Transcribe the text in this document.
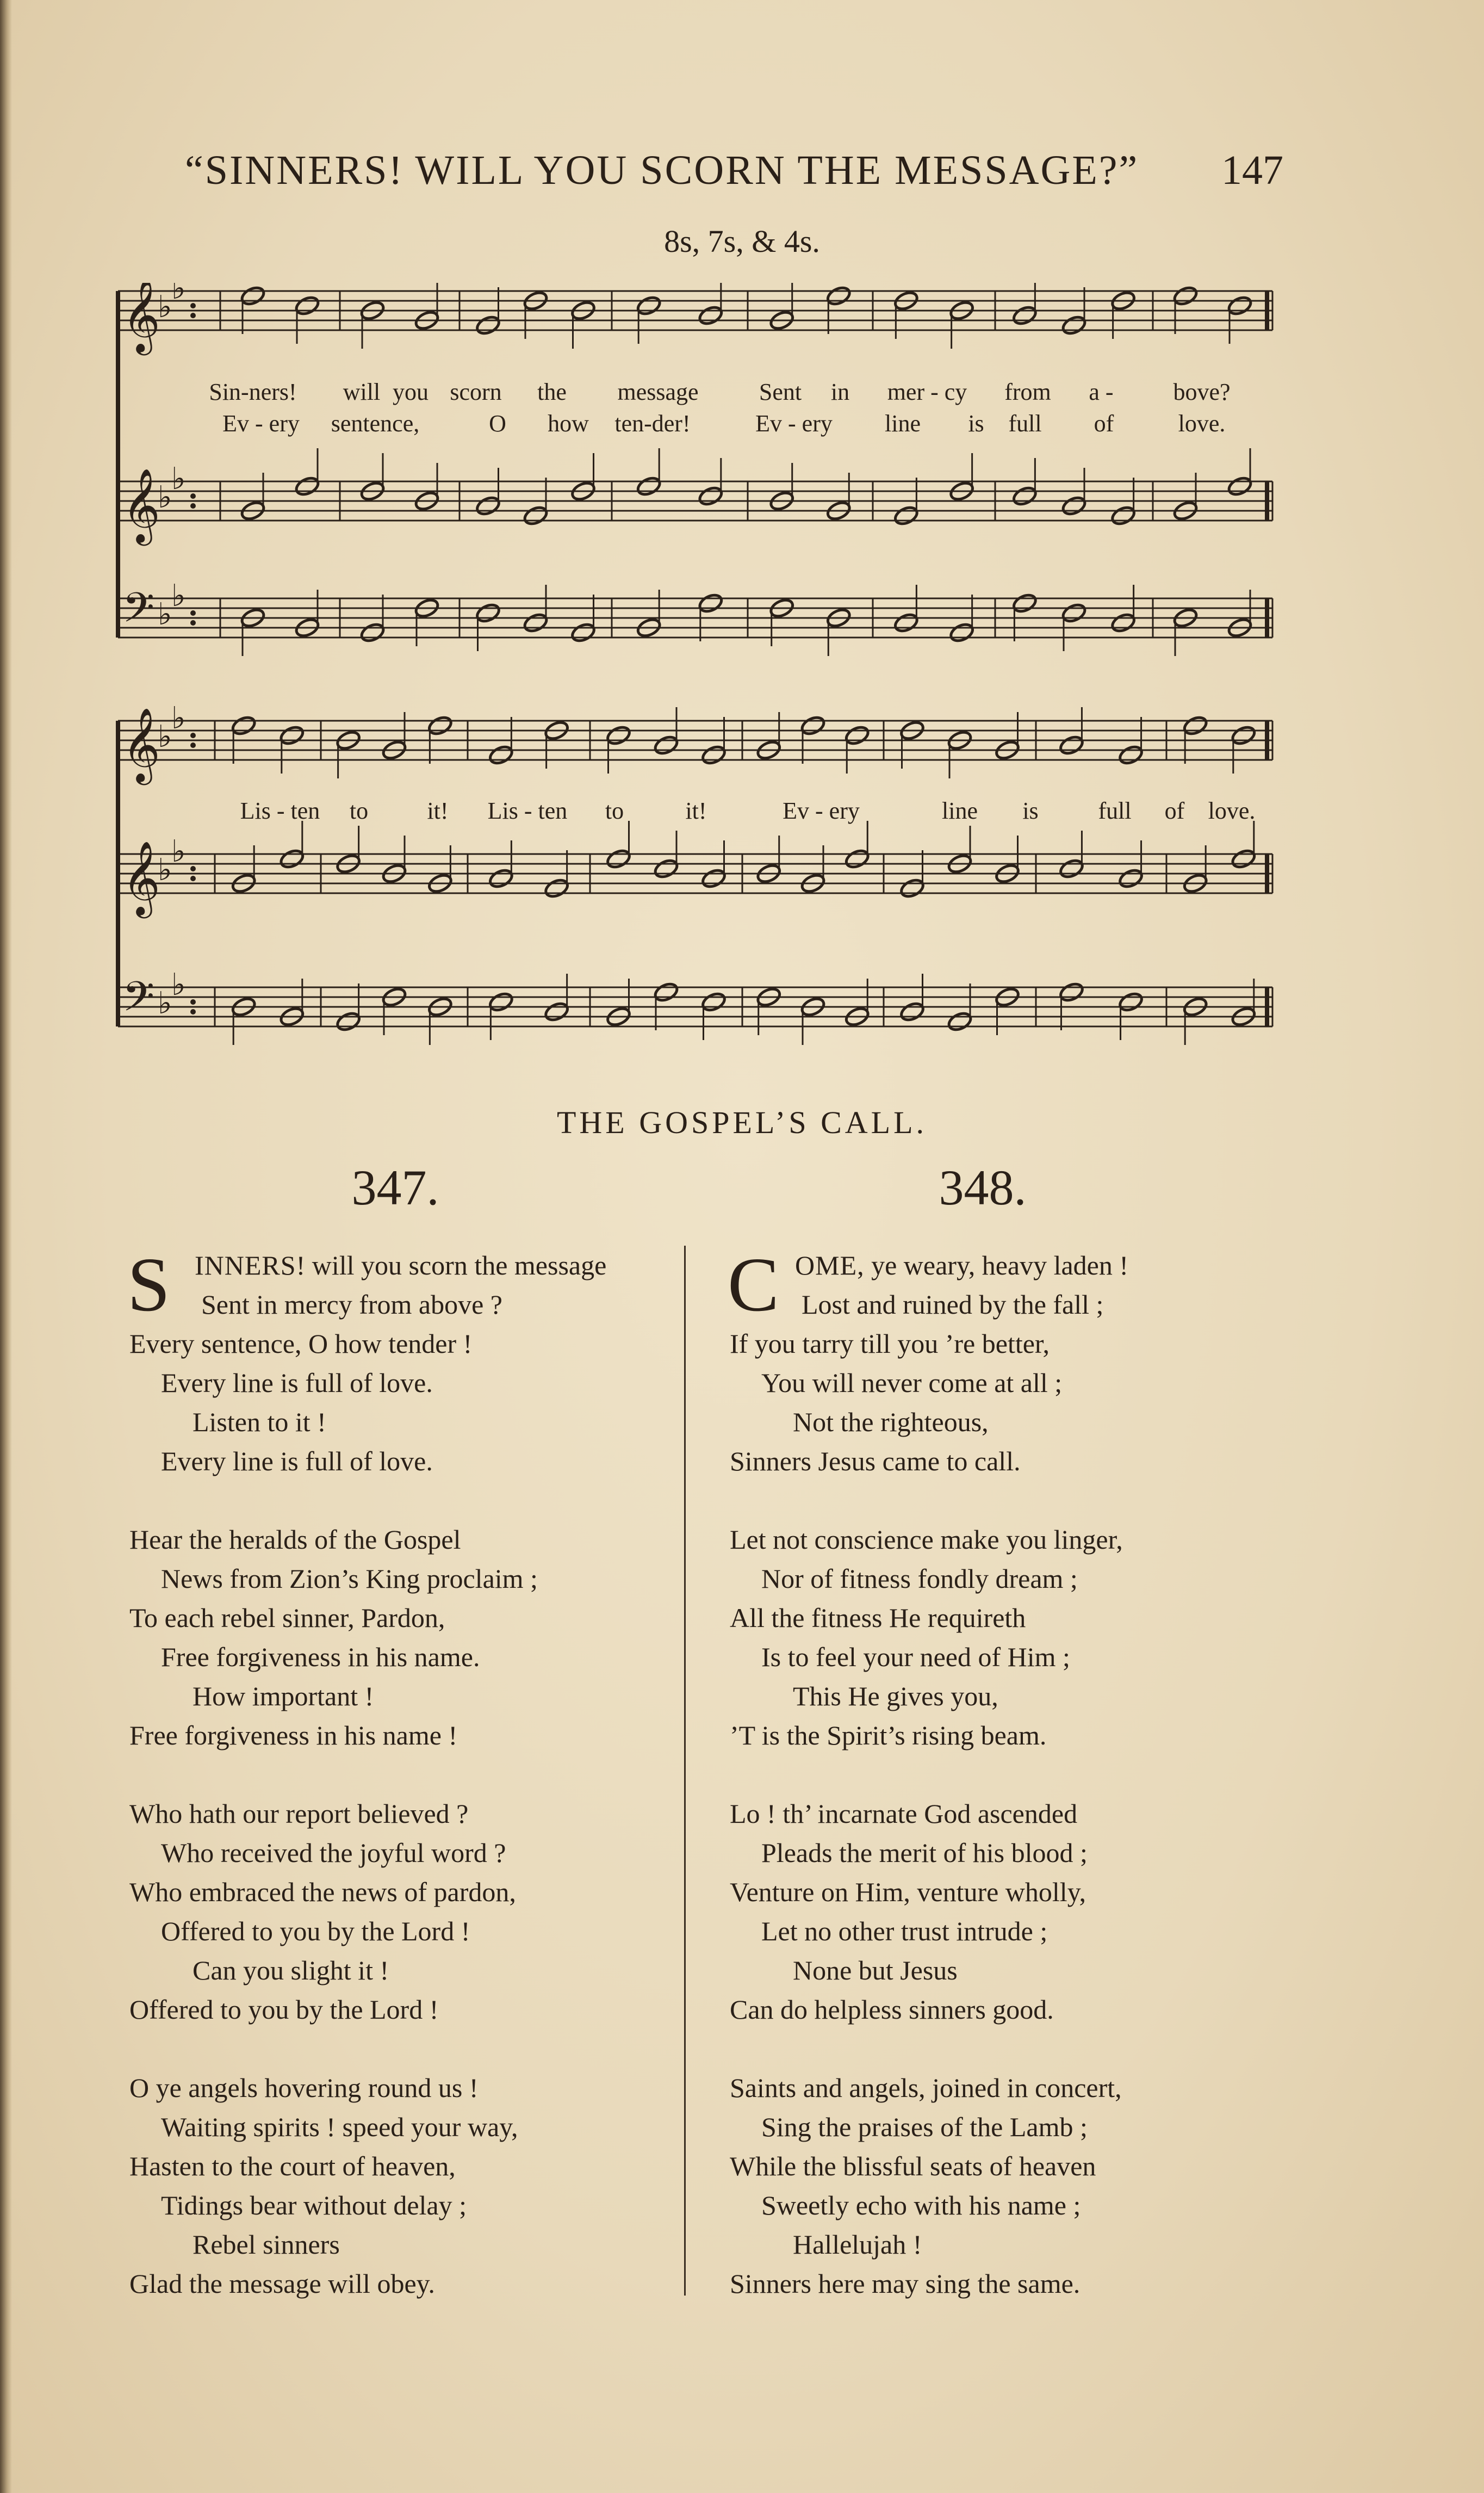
“SINNERS! WILL YOU SCORN THE MESSAGE?” 147
8s, 7s, & 4s.
𝄞
♭
♭
𝄞
♭
♭
𝄢 ♭
♭
𝄞
♭
♭
𝄞
♭
♭
𝄢 ♭
♭
Sin-ners! will you scorn the message	Sent in mer - cy from a - bove?
Ev - ery sentence,	O how ten-der!	Ev - ery line is full of	love.
Lis - ten to it! Lis - ten to	it!	Ev - ery	line is full of love.
THE GOSPEL’S CALL.
347.	348.
S INNERS! will you scorn the message
Sent in mercy from above ?
Every sentence, O how tender !
Every line is full of love.
Listen to it !
Every line is full of love.
Hear the heralds of the Gospel
News from Zion’s King proclaim ;
To each rebel sinner, Pardon,
Free forgiveness in his name.
How important !
Free forgiveness in his name !
Who hath our report believed ?
Who received the joyful word ?
Who embraced the news of pardon,
Offered to you by the Lord !
Can you slight it !
Offered to you by the Lord !
O ye angels hovering round us !
Waiting spirits ! speed your way,
Hasten to the court of heaven,
Tidings bear without delay ;
Rebel sinners
Glad the message will obey.
C OME, ye weary, heavy laden !
Lost and ruined by the fall ;
If you tarry till you ’re better,
You will never come at all ;
Not the righteous,
Sinners Jesus came to call.
Let not conscience make you linger,
Nor of fitness fondly dream ;
All the fitness He requireth
Is to feel your need of Him ;
This He gives you,
’T is the Spirit’s rising beam.
Lo ! th’ incarnate God ascended
Pleads the merit of his blood ;
Venture on Him, venture wholly,
Let no other trust intrude ;
None but Jesus
Can do helpless sinners good.
Saints and angels, joined in concert,
Sing the praises of the Lamb ;
While the blissful seats of heaven
Sweetly echo with his name ;
Hallelujah !
Sinners here may sing the same.
